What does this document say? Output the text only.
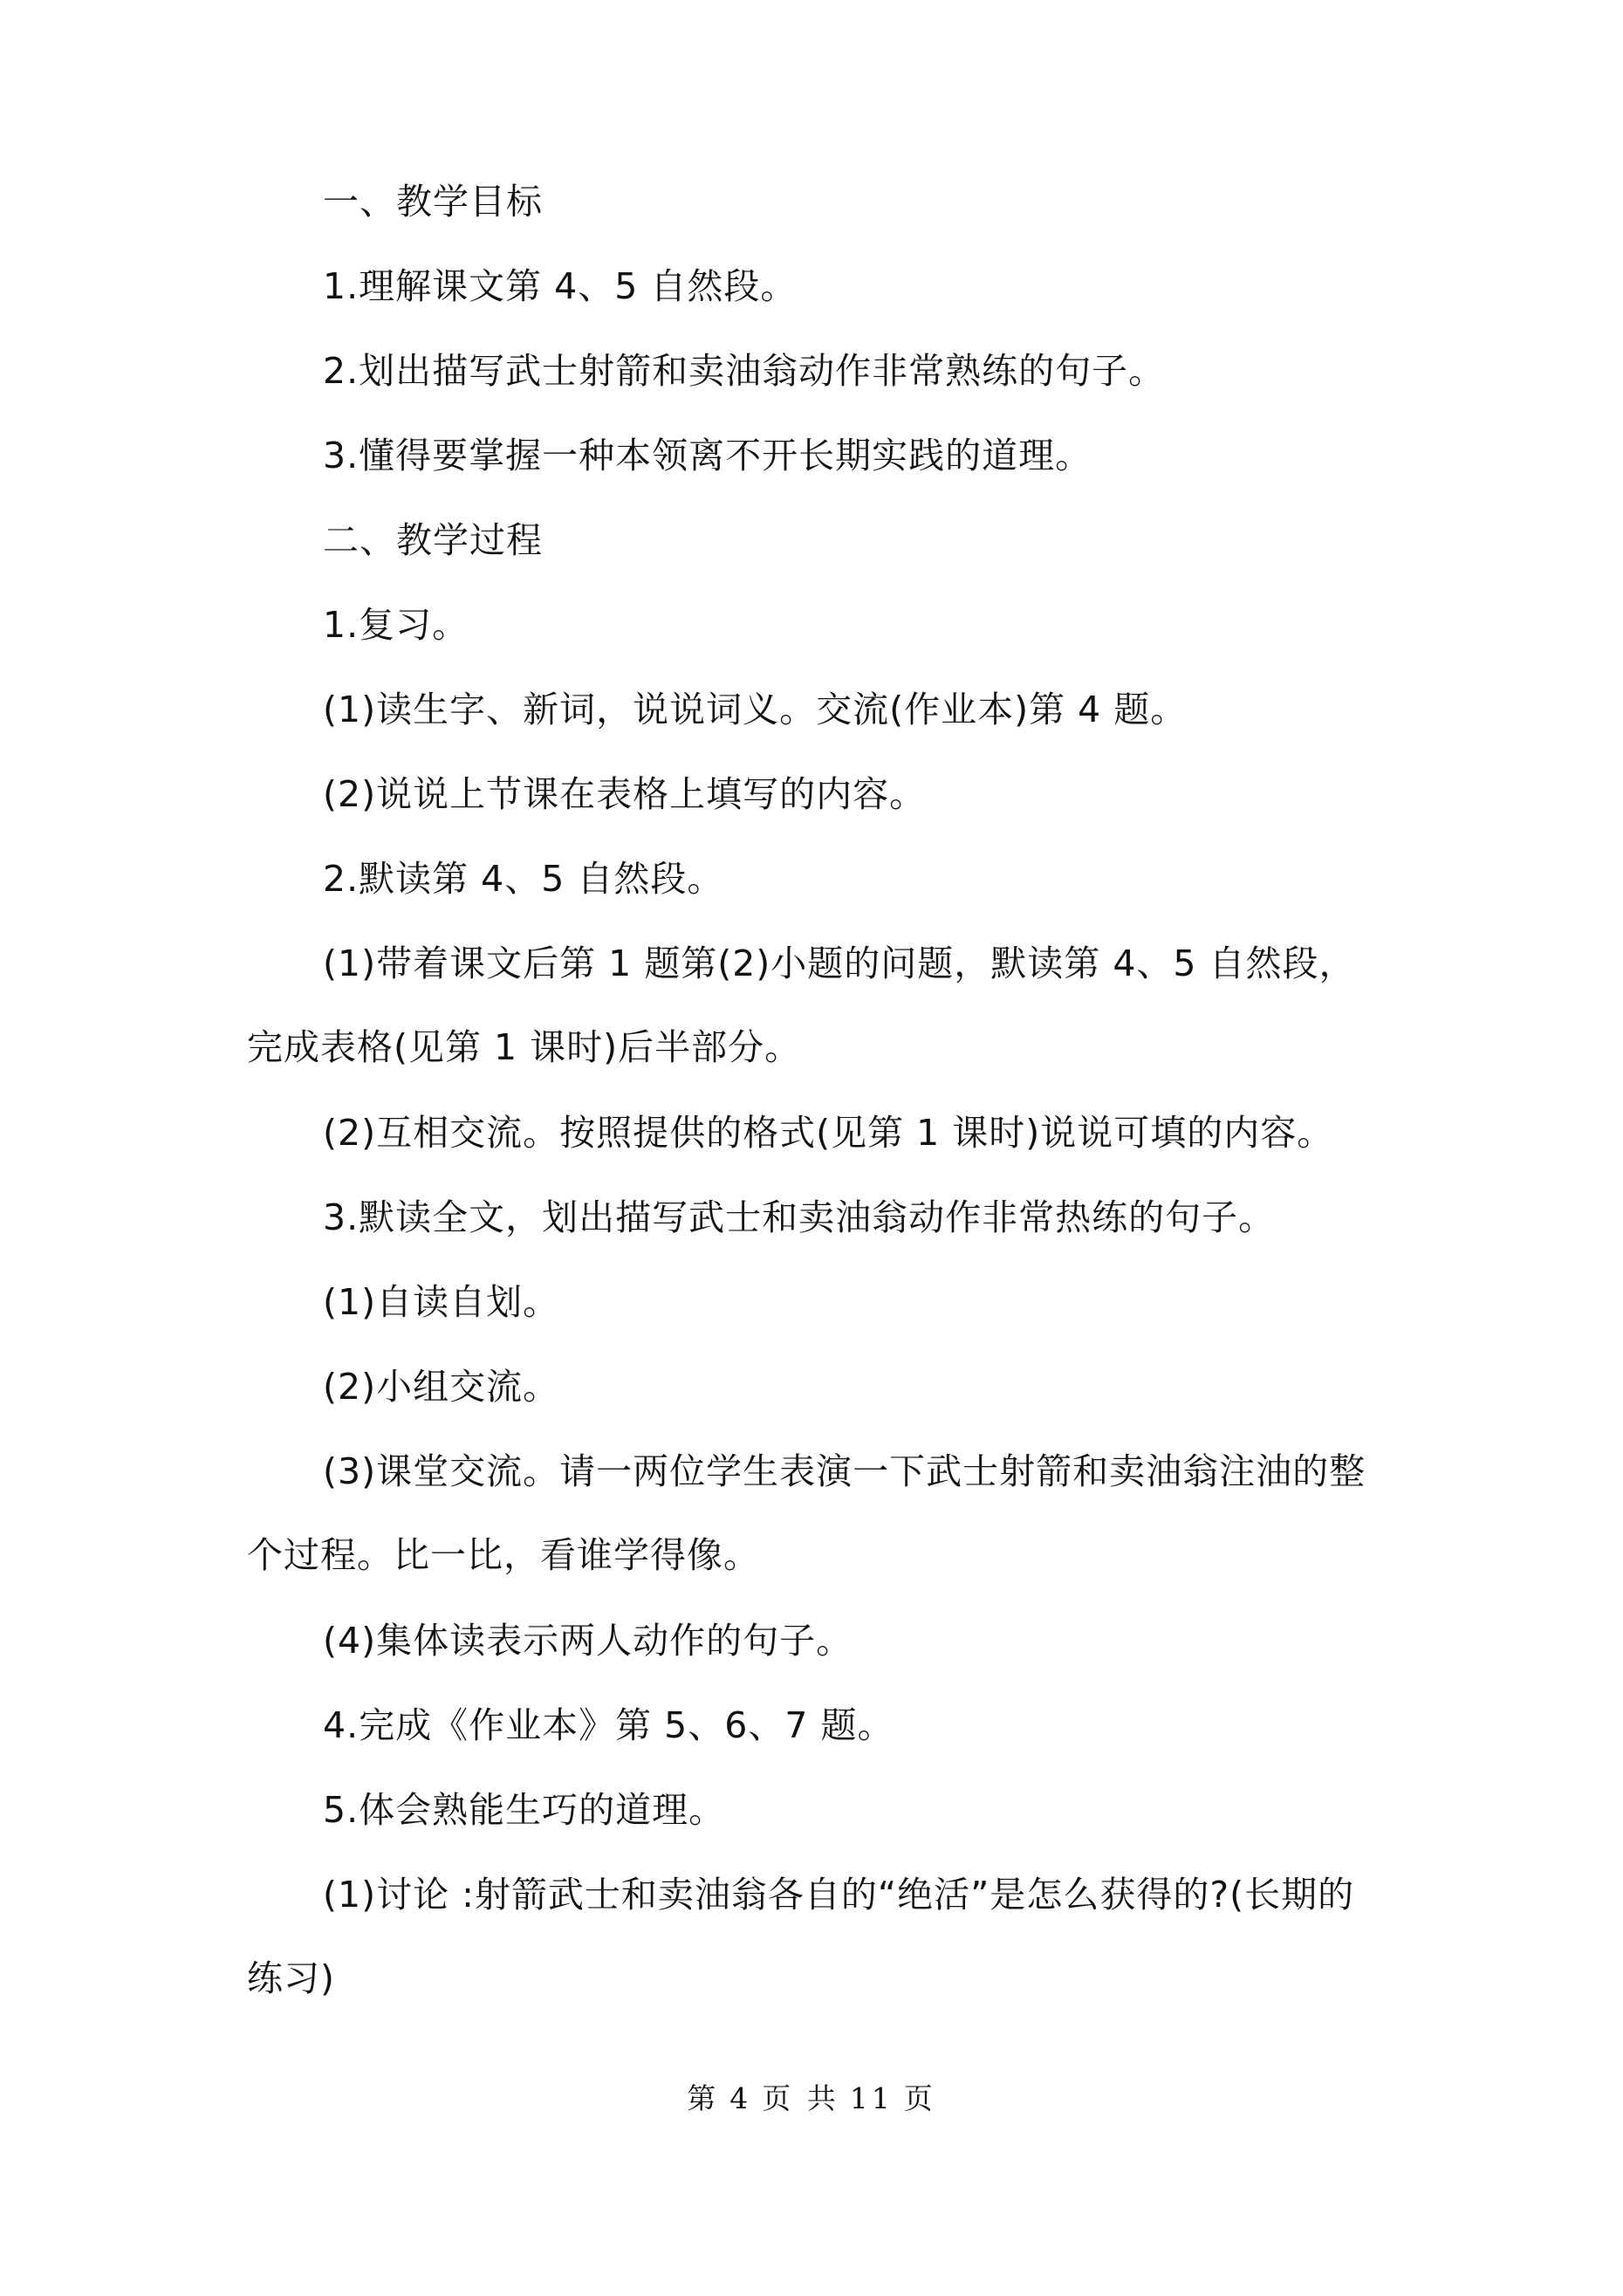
一、教学目标

1.理解课文第 4、5 自然段。

2.划出描写武士射箭和卖油翁动作非常熟练的句子。

3.懂得要掌握一种本领离不开长期实践的道理。

二、教学过程

1.复习。

(1)读生字、新词，说说词义。交流(作业本)第 4 题。

(2)说说上节课在表格上填写的内容。

2.默读第 4、5 自然段。

(1)带着课文后第 1 题第(2)小题的问题，默读第 4、5 自然段，完成表格(见第 1 课时)后半部分。

(2)互相交流。按照提供的格式(见第 1 课时)说说可填的内容。

3.默读全文，划出描写武士和卖油翁动作非常热练的句子。

(1)自读自划。

(2)小组交流。

(3)课堂交流。请一两位学生表演一下武士射箭和卖油翁注油的整个过程。比一比，看谁学得像。

(4)集体读表示两人动作的句子。

4.完成《作业本》第 5、6、7 题。

5.体会熟能生巧的道理。

(1)讨论 :射箭武士和卖油翁各自的“绝活”是怎么获得的?(长期的练习)

第 4 页 共 11 页
